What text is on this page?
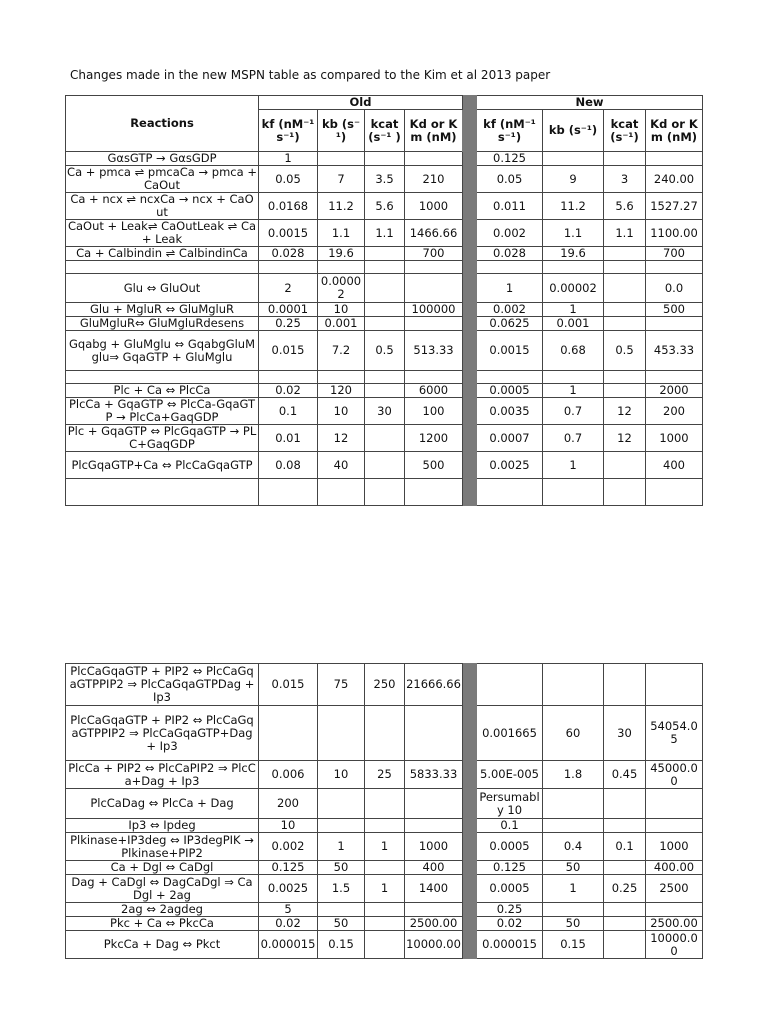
Changes made in the new MSPN table as compared to the Kim et al 2013 paper
Reactions	Old					New			
	kf (nM⁻¹ s⁻¹)	kb (s⁻¹)	kcat (s⁻¹ )	Kd or Km (nM)		kf (nM⁻¹ s⁻¹)	kb (s⁻¹)	kcat (s⁻¹)	Kd or Km (nM)
GαsGTP → GαsGDP	1					0.125			
Ca + pmca ⇌ pmcaCa → pmca + CaOut	0.05	7	3.5	210		0.05	9	3	240.00
Ca + ncx ⇌ ncxCa → ncx + CaOut	0.0168	11.2	5.6	1000		0.011	11.2	5.6	1527.27
CaOut + Leak⇌ CaOutLeak ⇌ Ca + Leak	0.0015	1.1	1.1	1466.66		0.002	1.1	1.1	1100.00
Ca + Calbindin ⇌ CalbindinCa	0.028	19.6		700		0.028	19.6		700

Glu ⇔ GluOut	2	0.00002				1	0.00002		0.0
Glu + MgluR ⇔ GluMgluR	0.0001	10		100000		0.002	1		500
GluMgluR⇔ GluMgluRdesens	0.25	0.001				0.0625	0.001		
Gqabg + GluMglu ⇔ GqabgGluMglu⇒ GqaGTP + GluMglu	0.015	7.2	0.5	513.33		0.0015	0.68	0.5	453.33

Plc + Ca ⇔ PlcCa	0.02	120		6000		0.0005	1		2000
PlcCa + GqaGTP ⇔ PlcCa-GqaGTP → PlcCa+GaqGDP	0.1	10	30	100		0.0035	0.7	12	200
Plc + GqaGTP ⇔ PlcGqaGTP → PLC+GaqGDP	0.01	12		1200		0.0007	0.7	12	1000
PlcGqaGTP+Ca ⇔ PlcCaGqaGTP	0.08	40		500		0.0025	1		400

PlcCaGqaGTP + PIP2 ⇔ PlcCaGqaGTPPIP2 ⇒ PlcCaGqaGTPDag + Ip3	0.015	75	250	21666.66					
PlcCaGqaGTP + PIP2 ⇔ PlcCaGqaGTPPIP2 ⇒ PlcCaGqaGTP+Dag + Ip3						0.001665	60	30	54054.05
PlcCa + PIP2 ⇔ PlcCaPIP2 ⇒ PlcCa+Dag + Ip3	0.006	10	25	5833.33		5.00E-005	1.8	0.45	45000.00
PlcCaDag ⇔ PlcCa + Dag	200					Persumably 10			
Ip3 ⇔ Ipdeg	10					0.1			
Plkinase+IP3deg ⇔ IP3degPIK → Plkinase+PIP2	0.002	1	1	1000		0.0005	0.4	0.1	1000
Ca + Dgl ⇔ CaDgl	0.125	50		400		0.125	50		400.00
Dag + CaDgl ⇔ DagCaDgl ⇒ CaDgl + 2ag	0.0025	1.5	1	1400		0.0005	1	0.25	2500
2ag ⇔ 2agdeg	5					0.25			
Pkc + Ca ⇔ PkcCa	0.02	50		2500.00		0.02	50		2500.00
PkcCa + Dag ⇔ Pkct	0.000015	0.15		10000.00		0.000015	0.15		10000.00
